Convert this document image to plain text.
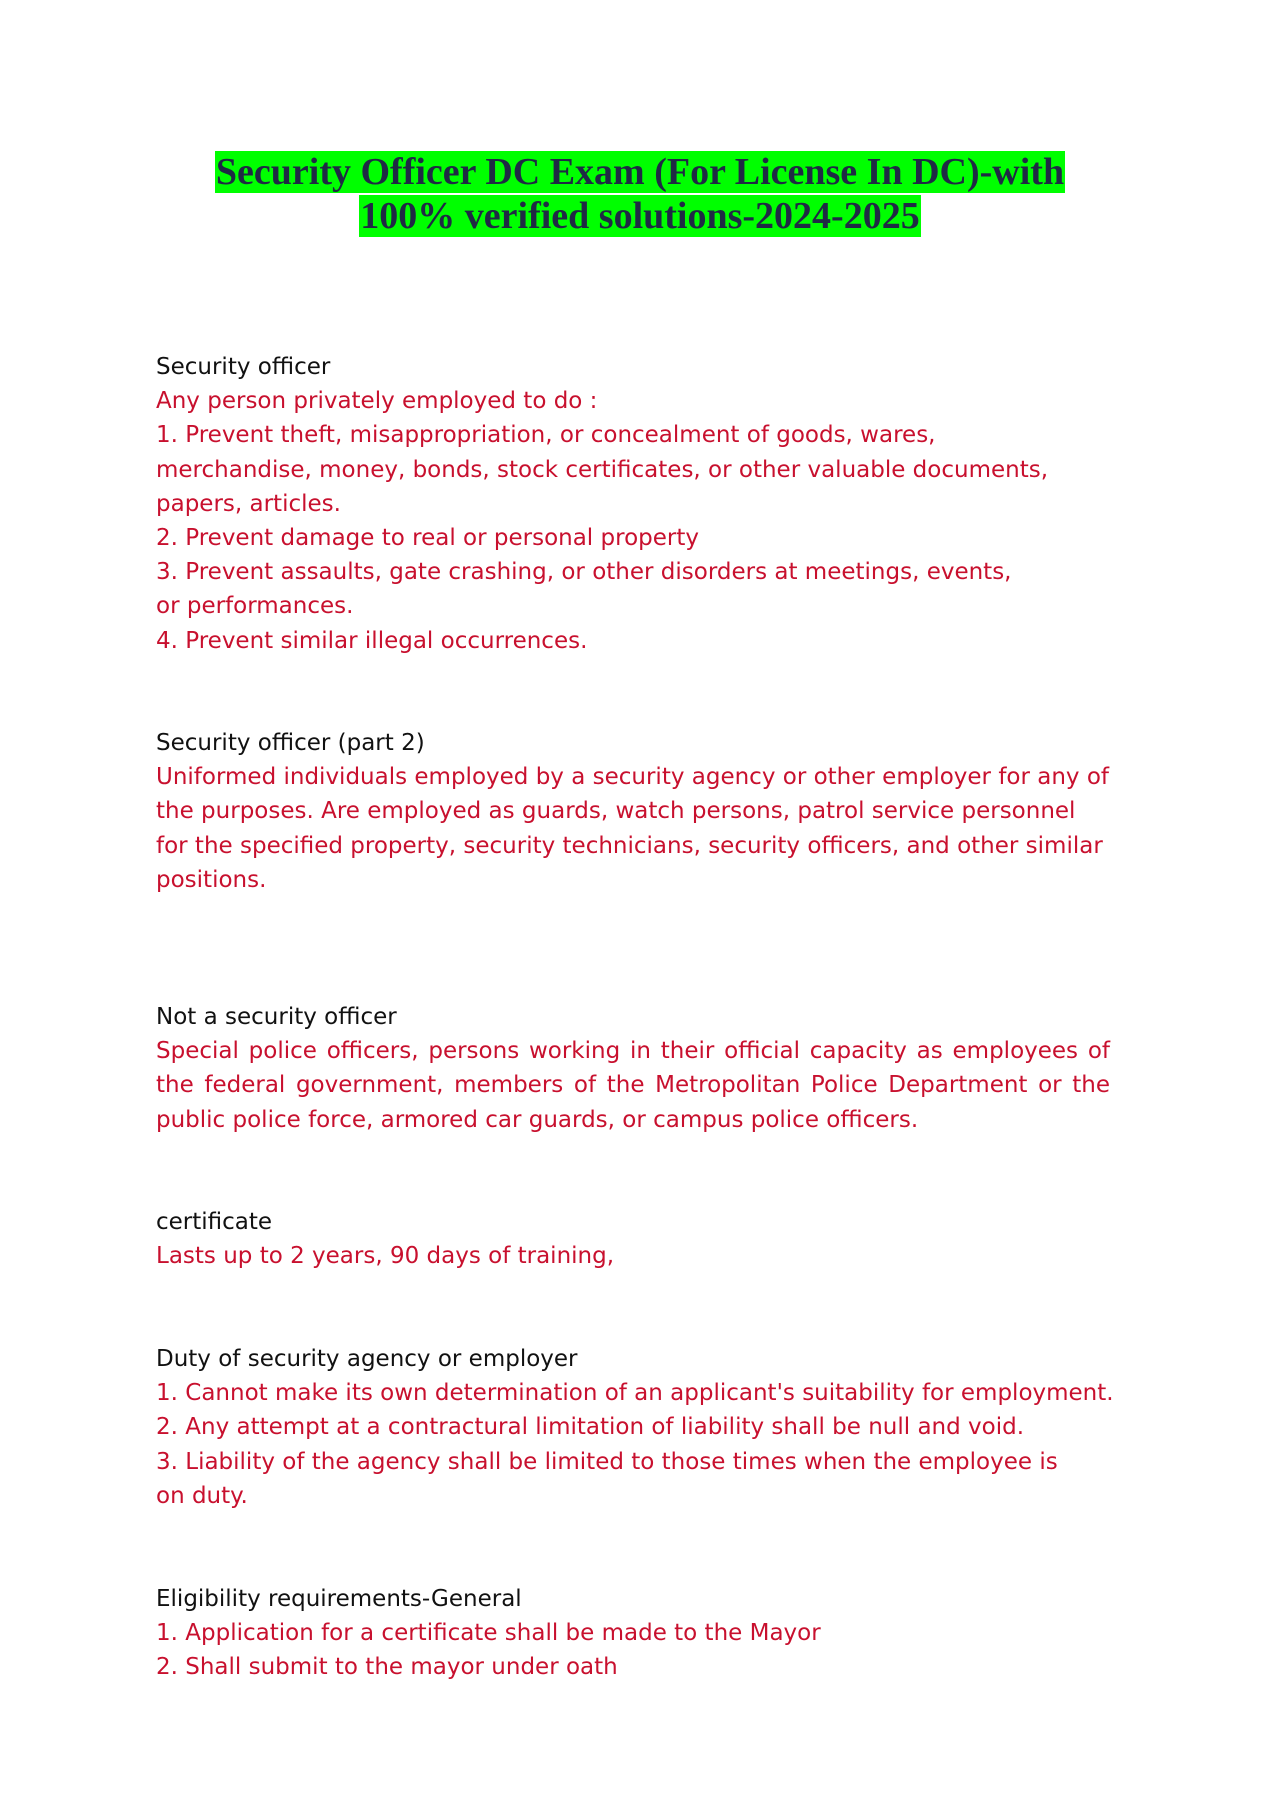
Security Officer DC Exam (For License In DC)-with
100% verified solutions-2024-2025

Security officer

Any person privately employed to do :
1. Prevent theft, misappropriation, or concealment of goods, wares,
merchandise, money, bonds, stock certificates, or other valuable documents,
papers, articles.
2. Prevent damage to real or personal property
3. Prevent assaults, gate crashing, or other disorders at meetings, events,
or performances.
4. Prevent similar illegal occurrences.

Security officer (part 2)

Uniformed individuals employed by a security agency or other employer for any of
the purposes. Are employed as guards, watch persons, patrol service personnel
for the specified property, security technicians, security officers, and other similar
positions.

Not a security officer

Special police officers, persons working in their official capacity as employees of the federal government, members of the Metropolitan Police Department or the public police force, armored car guards, or campus police officers.

certificate

Lasts up to 2 years, 90 days of training,

Duty of security agency or employer

1. Cannot make its own determination of an applicant's suitability for employment.
2. Any attempt at a contractural limitation of liability shall be null and void.
3. Liability of the agency shall be limited to those times when the employee is
on duty.

Eligibility requirements-General

1. Application for a certificate shall be made to the Mayor
2. Shall submit to the mayor under oath
